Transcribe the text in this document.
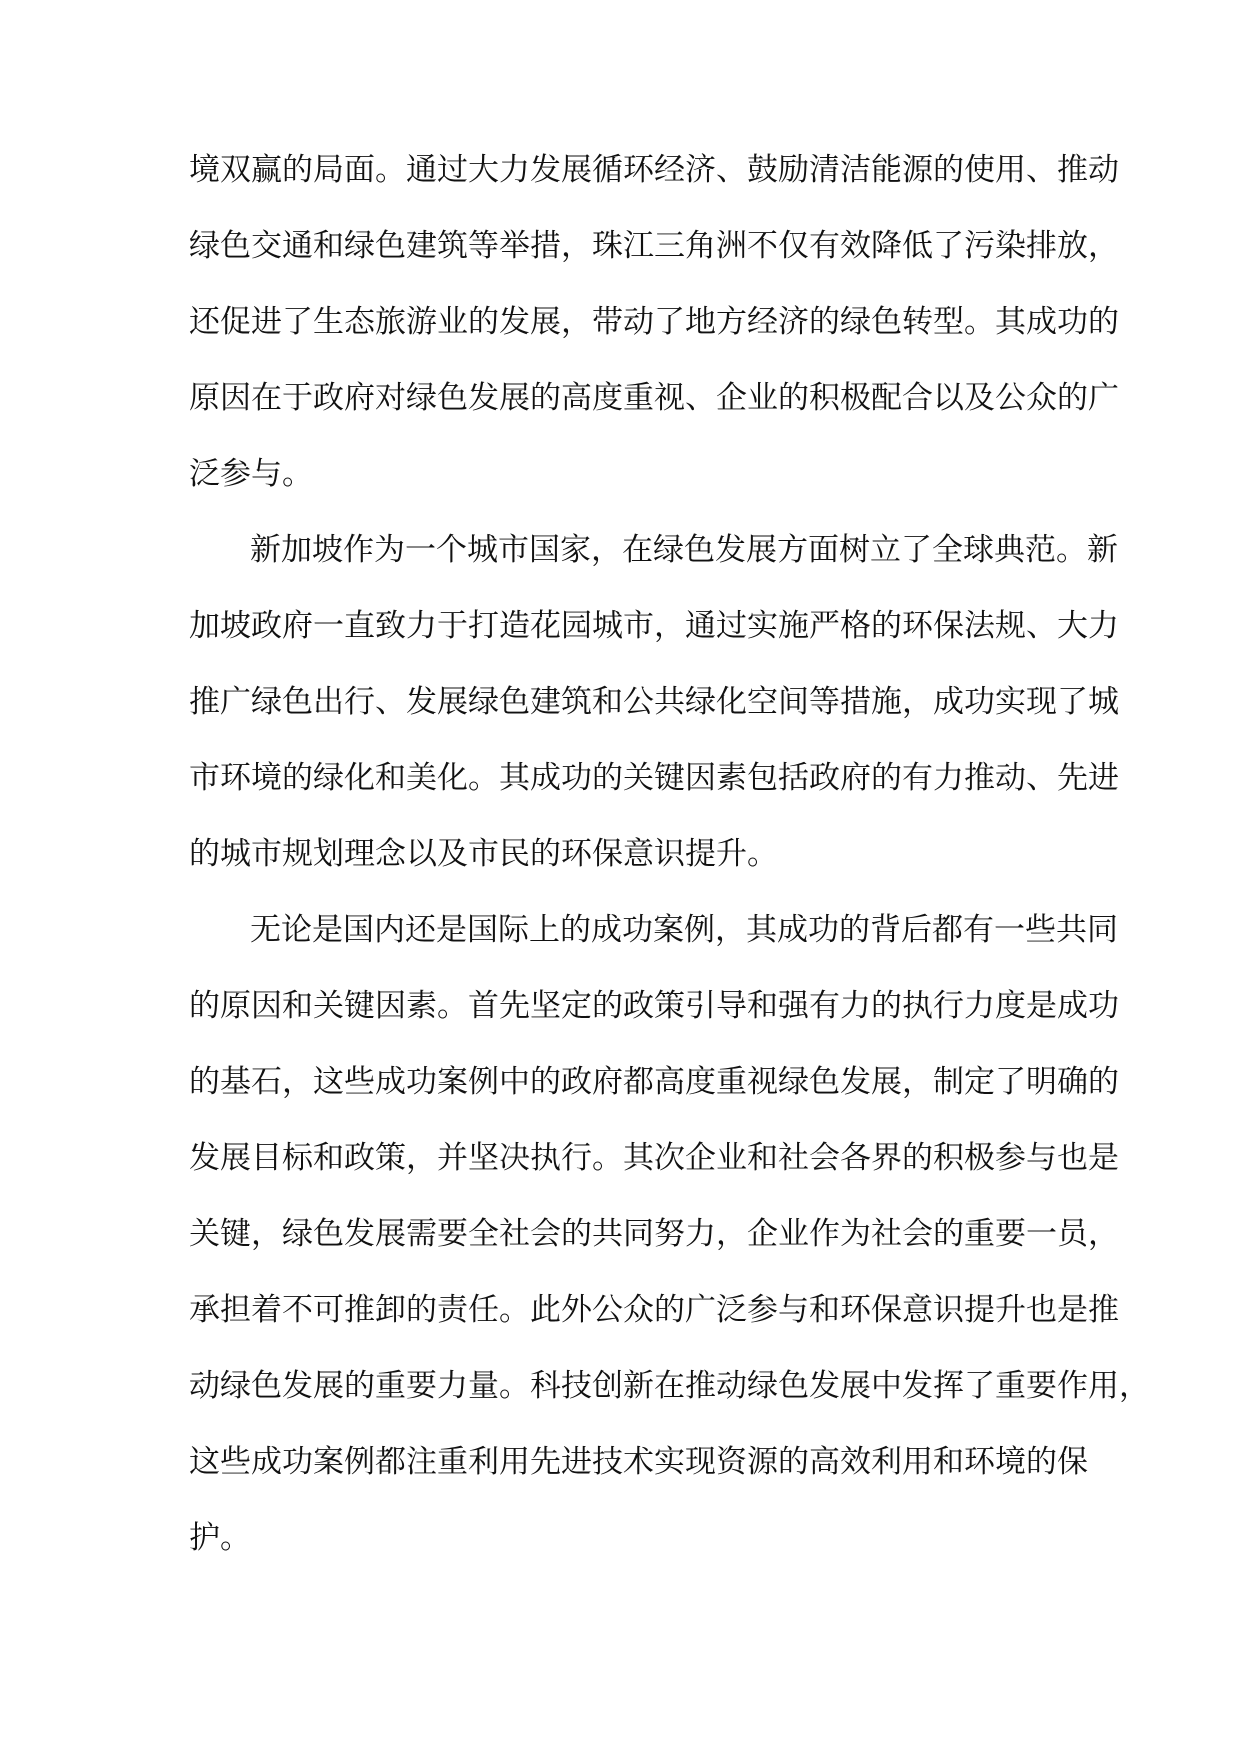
境双赢的局面。通过大力发展循环经济、鼓励清洁能源的使用、推动
绿色交通和绿色建筑等举措，珠江三角洲不仅有效降低了污染排放，
还促进了生态旅游业的发展，带动了地方经济的绿色转型。其成功的
原因在于政府对绿色发展的高度重视、企业的积极配合以及公众的广
泛参与。
新加坡作为一个城市国家，在绿色发展方面树立了全球典范。新
加坡政府一直致力于打造花园城市，通过实施严格的环保法规、大力
推广绿色出行、发展绿色建筑和公共绿化空间等措施，成功实现了城
市环境的绿化和美化。其成功的关键因素包括政府的有力推动、先进
的城市规划理念以及市民的环保意识提升。
无论是国内还是国际上的成功案例，其成功的背后都有一些共同
的原因和关键因素。首先坚定的政策引导和强有力的执行力度是成功
的基石，这些成功案例中的政府都高度重视绿色发展，制定了明确的
发展目标和政策，并坚决执行。其次企业和社会各界的积极参与也是
关键，绿色发展需要全社会的共同努力，企业作为社会的重要一员，
承担着不可推卸的责任。此外公众的广泛参与和环保意识提升也是推
动绿色发展的重要力量。科技创新在推动绿色发展中发挥了重要作用，
这些成功案例都注重利用先进技术实现资源的高效利用和环境的保
护。
